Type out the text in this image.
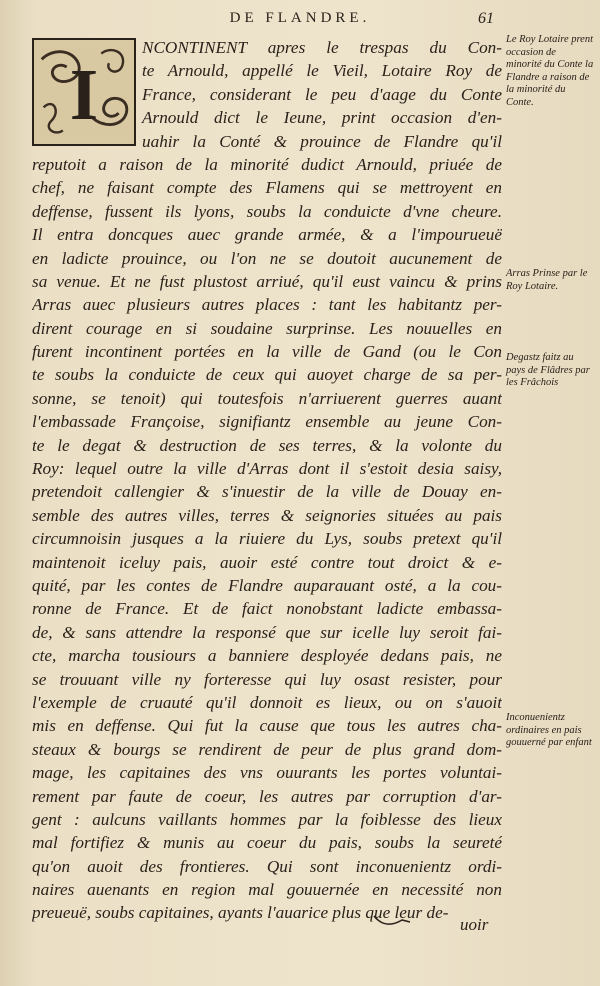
DE FLANDRE.	61
I
NCONTINENT apres le trespas du Con-
te Arnould, appellé le Vieil, Lotaire Roy de
France, considerant le peu d'aage du Conte
Arnould dict le Ieune, print occasion d'en-
uahir la Conté & prouince de Flandre qu'il
reputoit a raison de la minorité dudict Arnould, priuée de
chef, ne faisant compte des Flamens qui se mettroyent en
deffense, fussent ils lyons, soubs la conduicte d'vne cheure.
Il entra doncques auec grande armée, & a l'impourueuë
en ladicte prouince, ou l'on ne se doutoit aucunement de
sa venue. Et ne fust plustost arriué, qu'il eust vaincu & prins
Arras auec plusieurs autres places : tant les habitantz per-
dirent courage en si soudaine surprinse. Les nouuelles en
furent incontinent portées en la ville de Gand (ou le Con
te soubs la conduicte de ceux qui auoyet charge de sa per-
sonne, se tenoit) qui toutesfois n'arriuerent guerres auant
l'embassade Françoise, signifiantz ensemble au jeune Con-
te le degat & destruction de ses terres, & la volonte du
Roy: lequel outre la ville d'Arras dont il s'estoit desia saisy,
pretendoit callengier & s'inuestir de la ville de Douay en-
semble des autres villes, terres & seignories situées au pais
circumnoisin jusques a la riuiere du Lys, soubs pretext qu'il
maintenoit iceluy pais, auoir esté contre tout droict & e-
quité, par les contes de Flandre auparauant osté, a la cou-
ronne de France. Et de faict nonobstant ladicte embassa-
de, & sans attendre la responsé que sur icelle luy seroit fai-
cte, marcha tousiours a banniere desployée dedans pais, ne
se trouuant ville ny forteresse qui luy osast resister, pour
l'exemple de cruauté qu'il donnoit es lieux, ou on s'auoit
mis en deffense. Qui fut la cause que tous les autres cha-
steaux & bourgs se rendirent de peur de plus grand dom-
mage, les capitaines des vns ouurants les portes voluntai-
rement par faute de coeur, les autres par corruption d'ar-
gent : aulcuns vaillants hommes par la foiblesse des lieux
mal fortifiez & munis au coeur du pais, soubs la seureté
qu'on auoit des frontieres. Qui sont inconuenientz ordi-
naires auenants en region mal gouuernée en necessité non
preueuë, soubs capitaines, ayants l'auarice plus que leur de-
Le Roy Lotaire prent occasion de minorité du Conte la Flandre a raison de la minorité du Conte.
Arras Prinse par le Roy Lotaire.
Degastz faitz au pays de Flâdres par les Frâchois
Inconuenientz ordinaires en pais gouuerné par enfant
uoir
